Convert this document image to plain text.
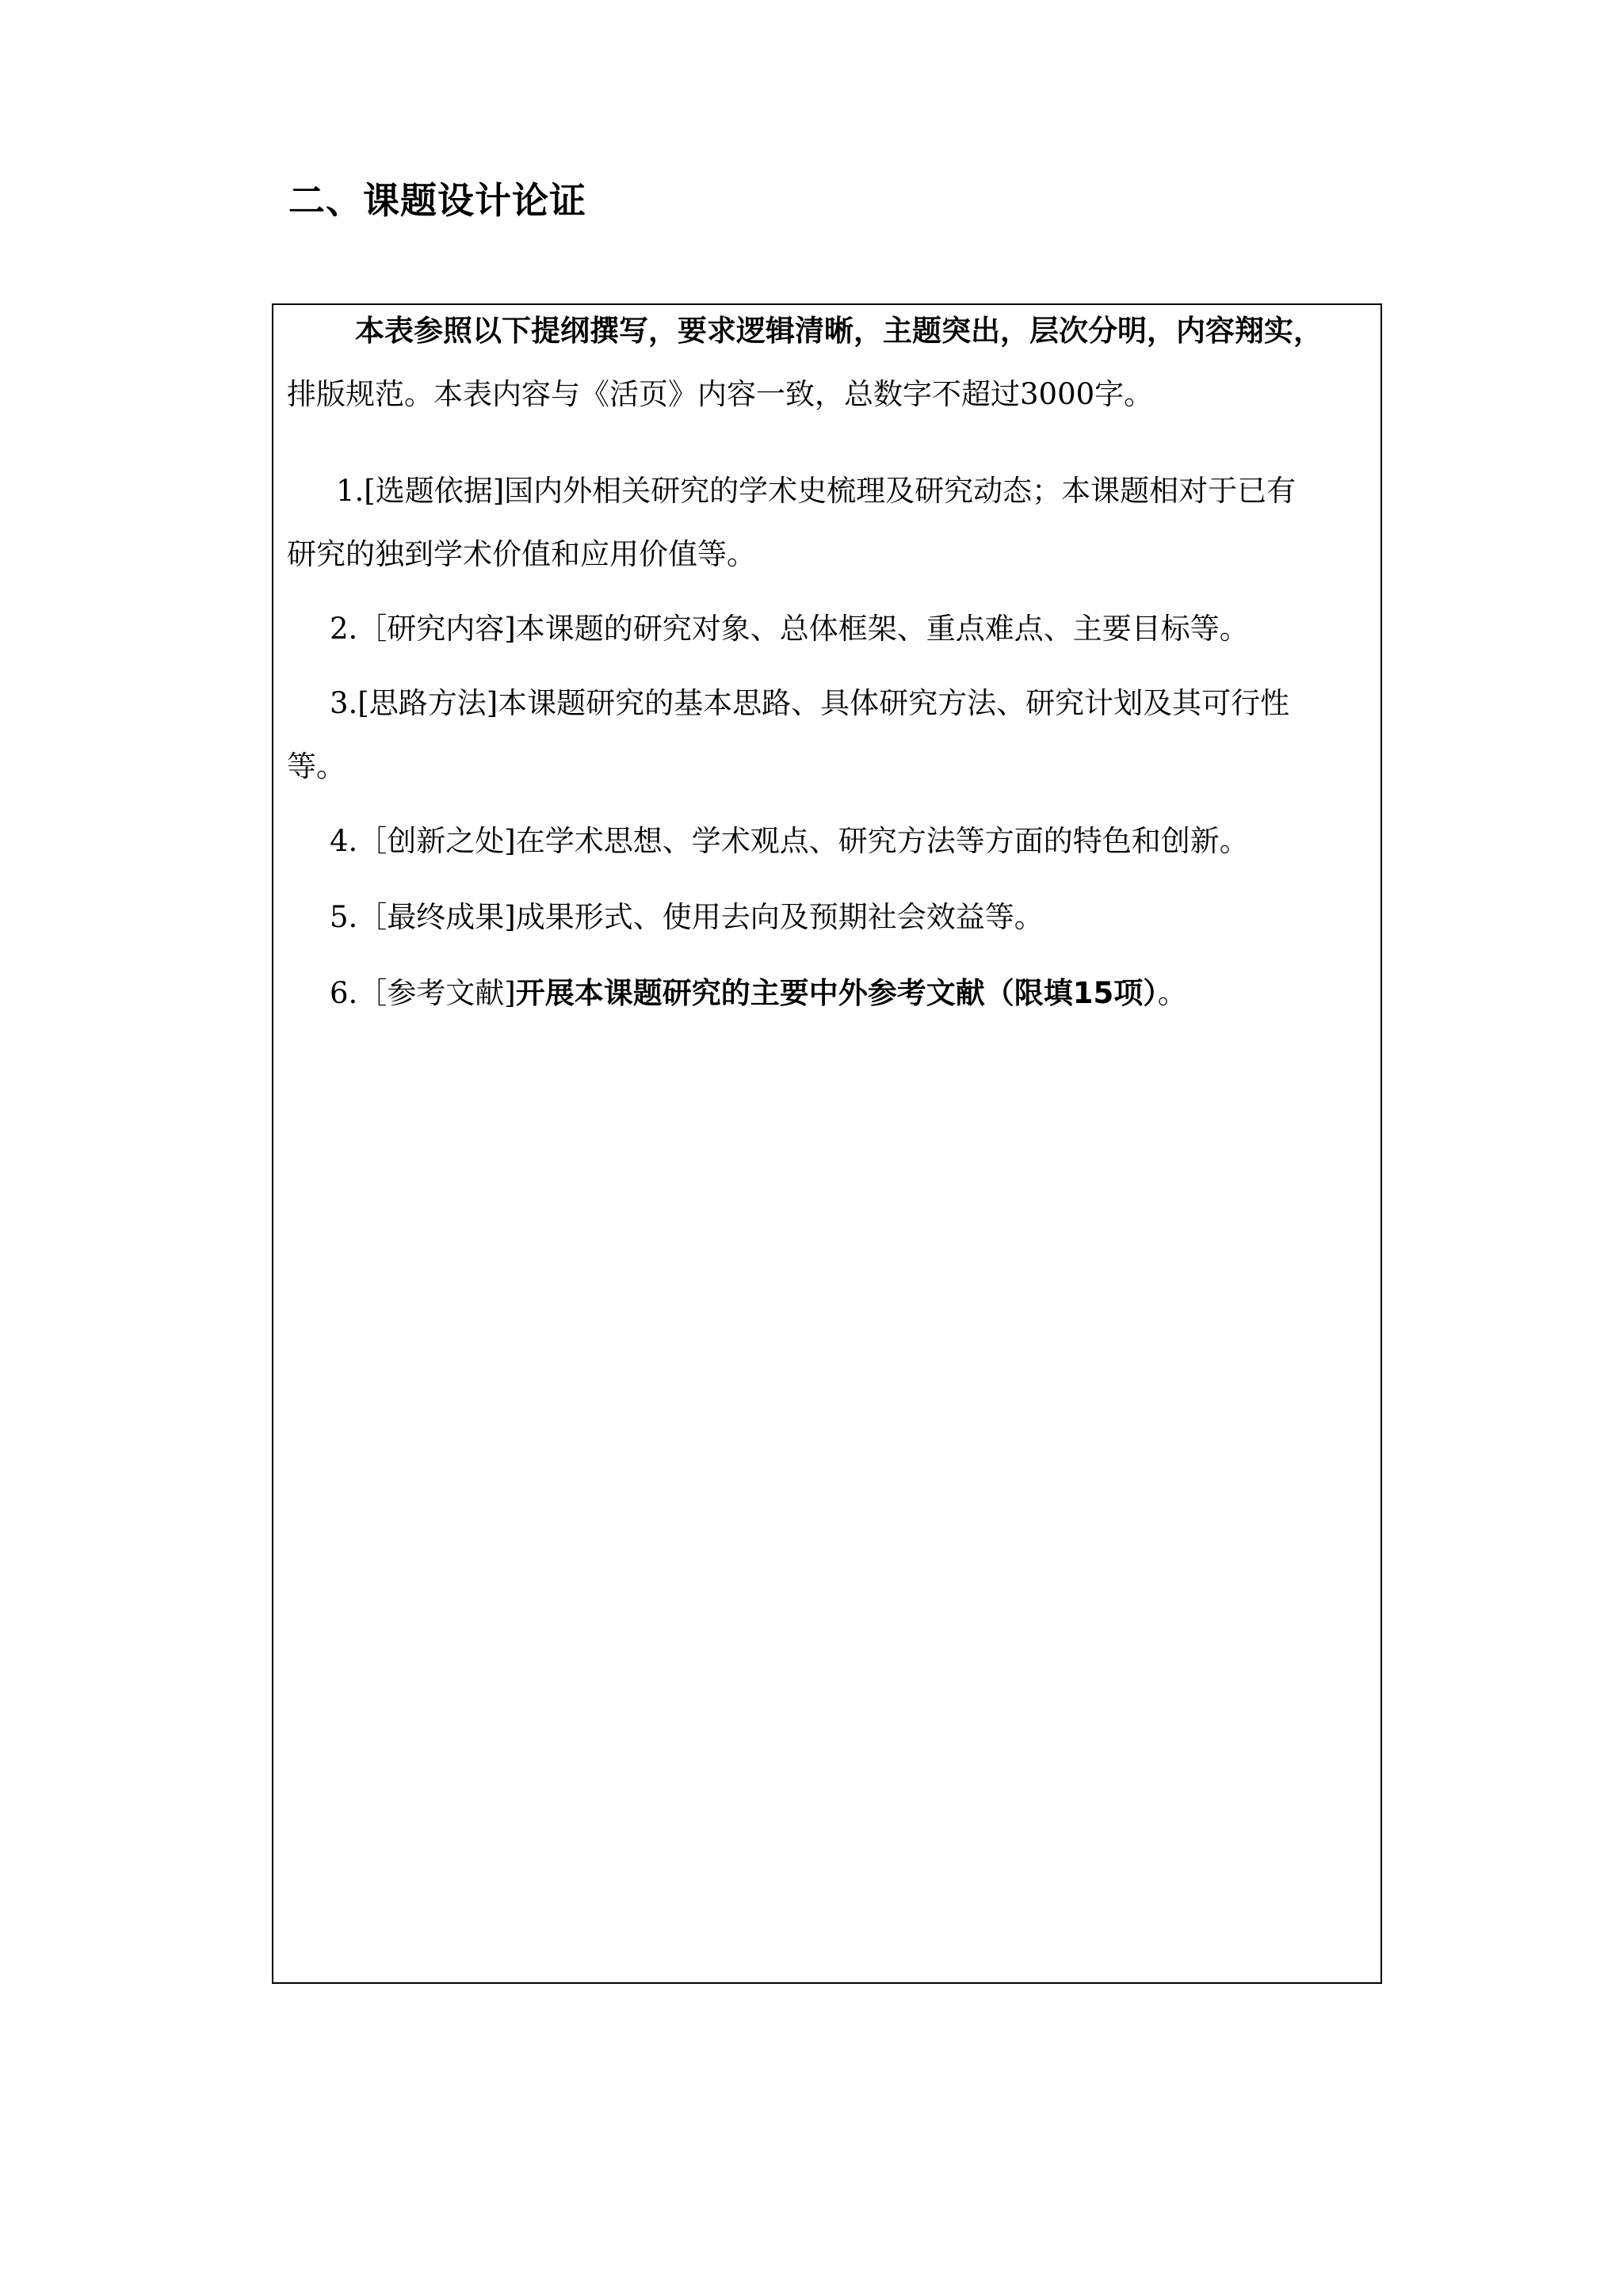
二、课题设计论证
本表参照以下提纲撰写，要求逻辑清晰，主题突出，层次分明，内容翔实，
排版规范。本表内容与《活页》内容一致，总数字不超过3000字。
1.[选题依据]国内外相关研究的学术史梳理及研究动态；本课题相对于已有
研究的独到学术价值和应用价值等。
2.［研究内容]本课题的研究对象、总体框架、重点难点、主要目标等。
3.[思路方法]本课题研究的基本思路、具体研究方法、研究计划及其可行性
等。
4.［创新之处]在学术思想、学术观点、研究方法等方面的特色和创新。
5.［最终成果]成果形式、使用去向及预期社会效益等。
6.［参考文献]开展本课题研究的主要中外参考文献（限填15项）。
